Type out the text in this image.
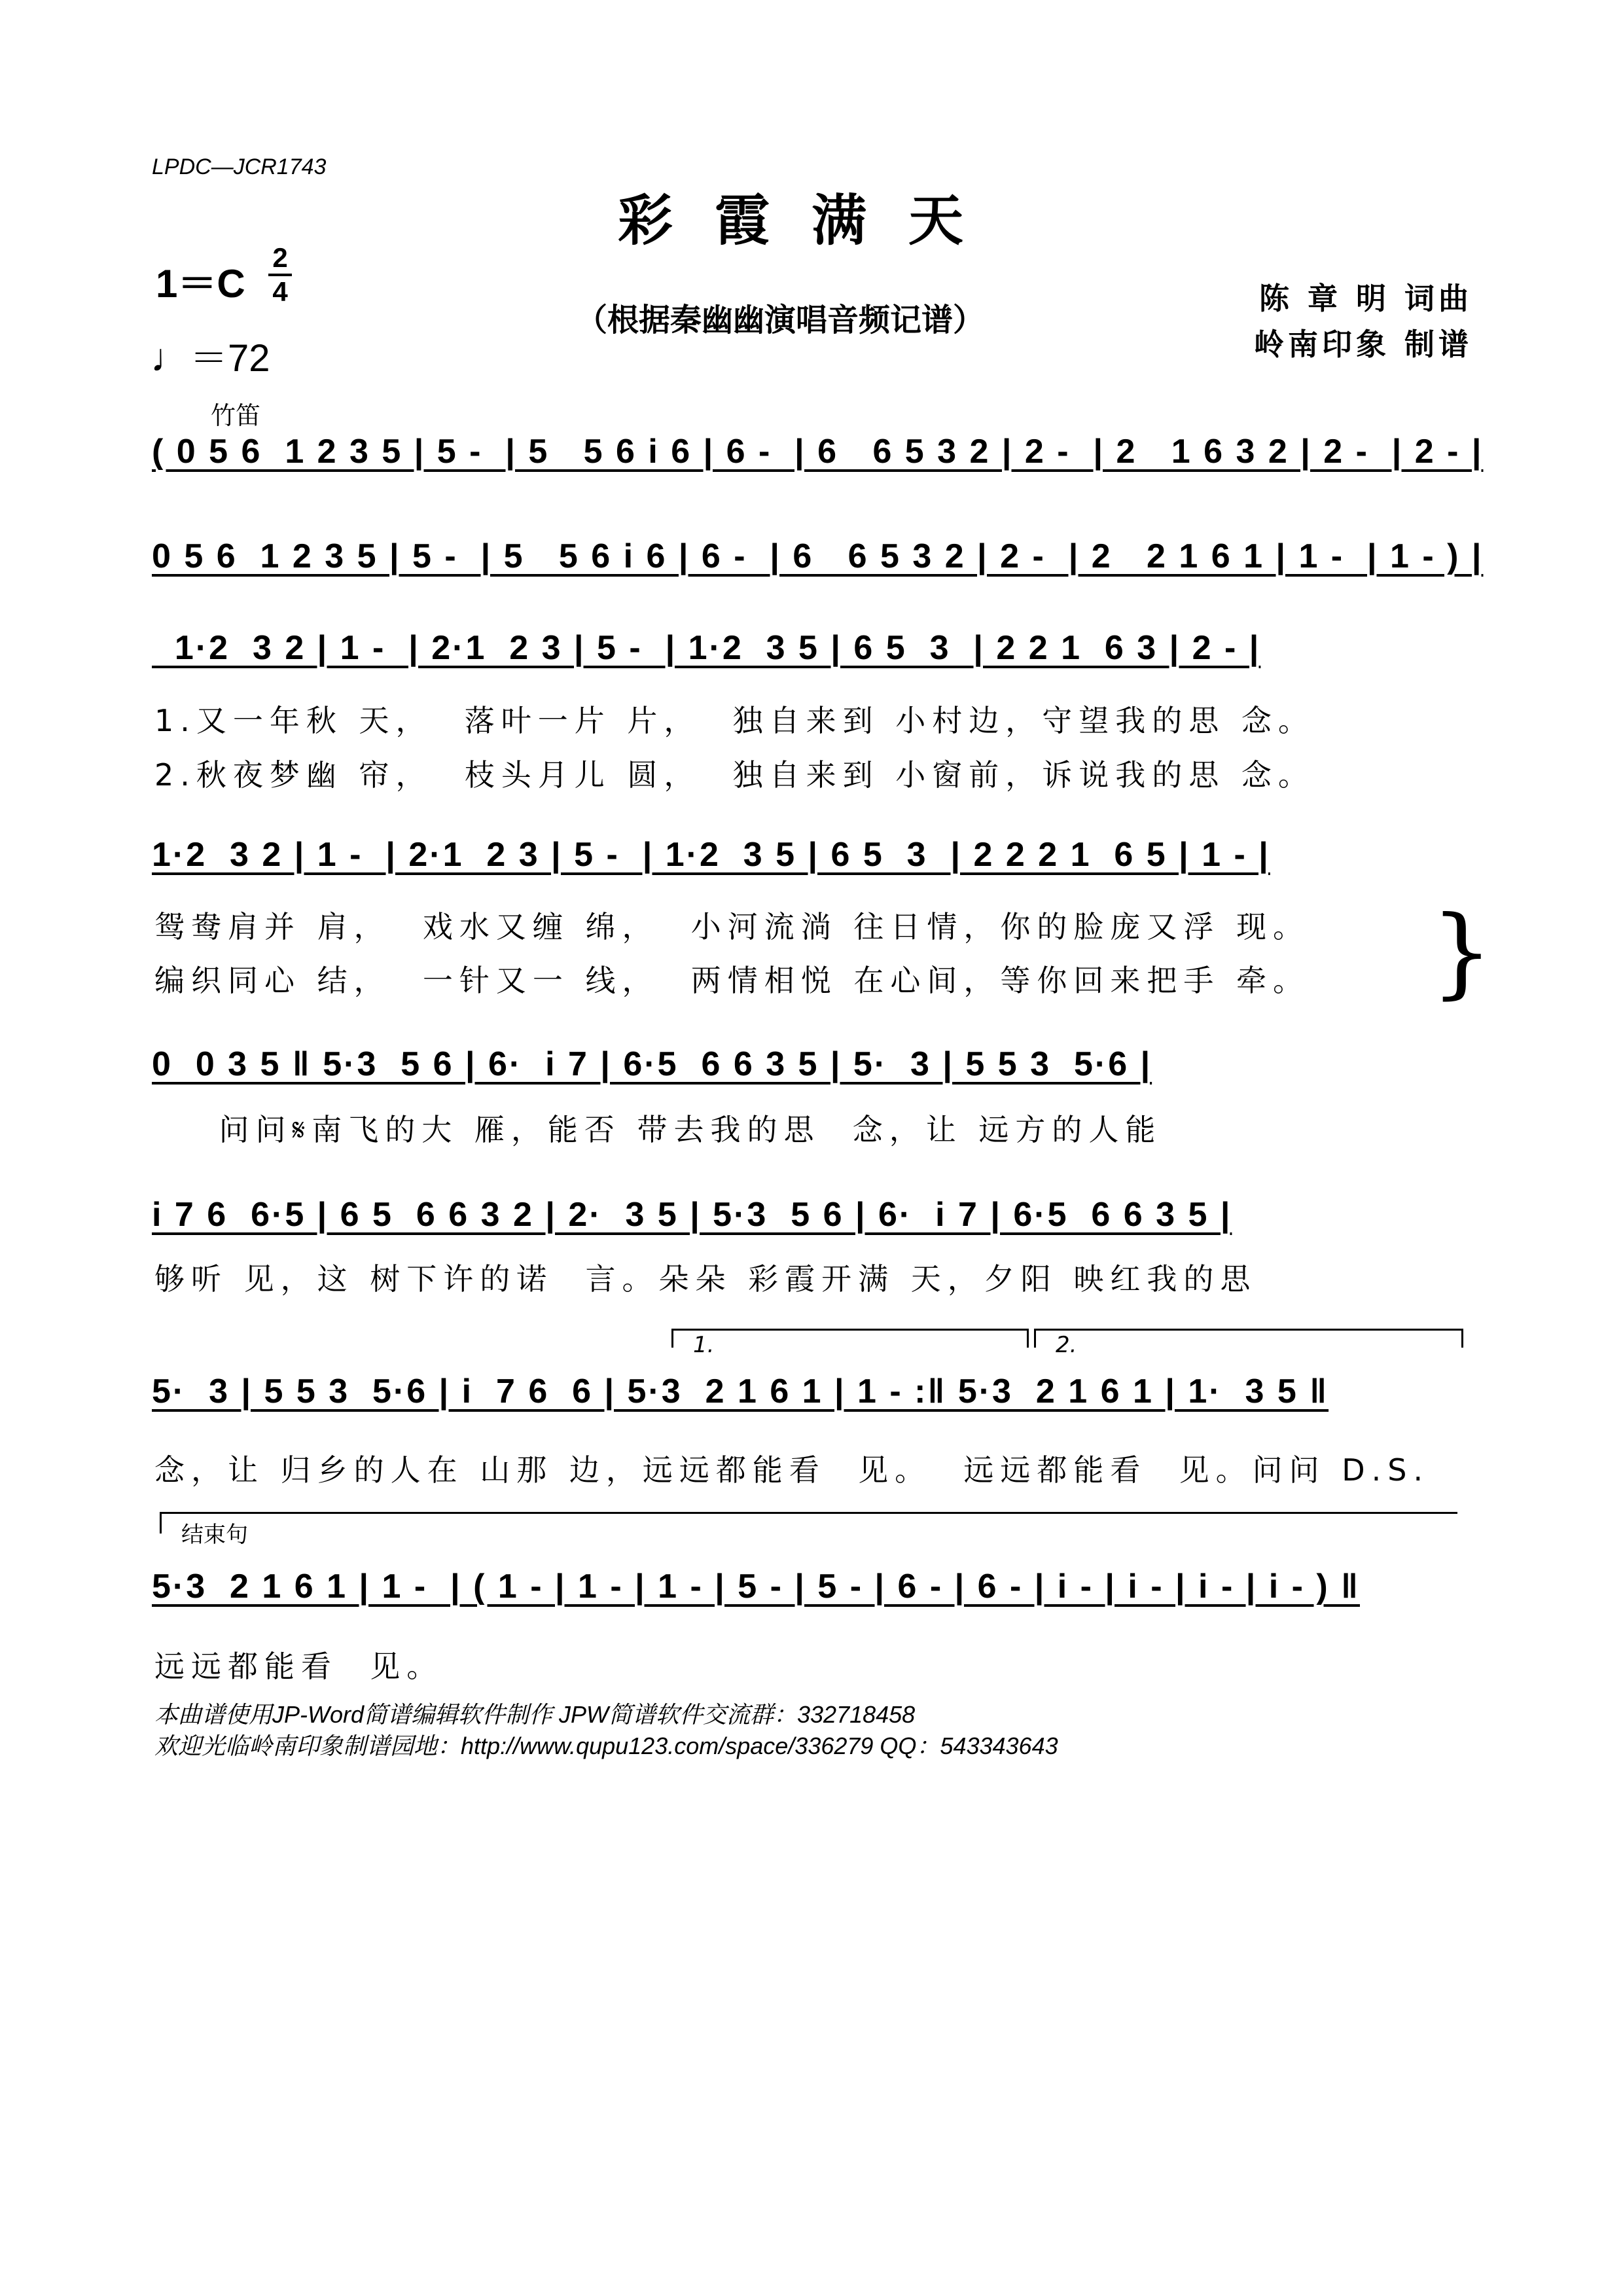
LPDC—JCR1743
彩霞满天
（根据秦幽幽演唱音频记谱）
陈 章 明 词曲
岭南印象 制谱
1＝C
2
4
♩＝72
竹笛
( 0 5 6  1 2 3 5 | 5 -  | 5   5 6 i 6 | 6 -  | 6   6 5 3 2 | 2 -  | 2   1 6 3 2 | 2 -  | 2 - |
0 5 6  1 2 3 5 | 5 -  | 5   5 6 i 6 | 6 -  | 6   6 5 3 2 | 2 -  | 2   2 1 6 1 | 1 -  | 1 - ) |
1·2  3 2 | 1 -  | 2·1  2 3 | 5 -  | 1·2  3 5 | 6 5  3  | 2 2 1  6 3 | 2 - |
1.又一年秋 天，  落叶一片 片，  独自来到 小村边，守望我的思 念。
2.秋夜梦幽 帘，  枝头月儿 圆，  独自来到 小窗前，诉说我的思 念。
1·2  3 2 | 1 -  | 2·1  2 3 | 5 -  | 1·2  3 5 | 6 5  3  | 2 2 2 1  6 5 | 1 - |
鸳鸯肩并 肩，  戏水又缠 绵，  小河流淌 往日情，你的脸庞又浮 现。
编织同心 结，  一针又一 线，  两情相悦 在心间，等你回来把手 牵。	}
0  0 3 5 ‖ 5·3  5 6 | 6·  i 7 | 6·5  6 6 3 5 | 5·  3 | 5 5 3  5·6 |
问问𝄋南飞的大 雁，能否 带去我的思  念，让 远方的人能
i 7 6  6·5 | 6 5  6 6 3 2 | 2·  3 5 | 5·3  5 6 | 6·  i 7 | 6·5  6 6 3 5 |
够听 见，这 树下许的诺  言。朵朵 彩霞开满 天，夕阳 映红我的思
1.	2.
5·  3 | 5 5 3  5·6 | i  7 6  6 | 5·3  2 1 6 1 | 1 - :‖ 5·3  2 1 6 1 | 1·  3 5 ‖
念，让 归乡的人在 山那 边，远远都能看  见。  远远都能看  见。问问 D.S.
结束句
5·3  2 1 6 1 | 1 -  | ( 1 - | 1 - | 1 - | 5 - | 5 - | 6 - | 6 - | i - | i - | i - | i - ) ‖
远远都能看  见。
本曲谱使用JP-Word简谱编辑软件制作 JPW简谱软件交流群：332718458
欢迎光临岭南印象制谱园地：http://www.qupu123.com/space/336279 QQ：543343643
